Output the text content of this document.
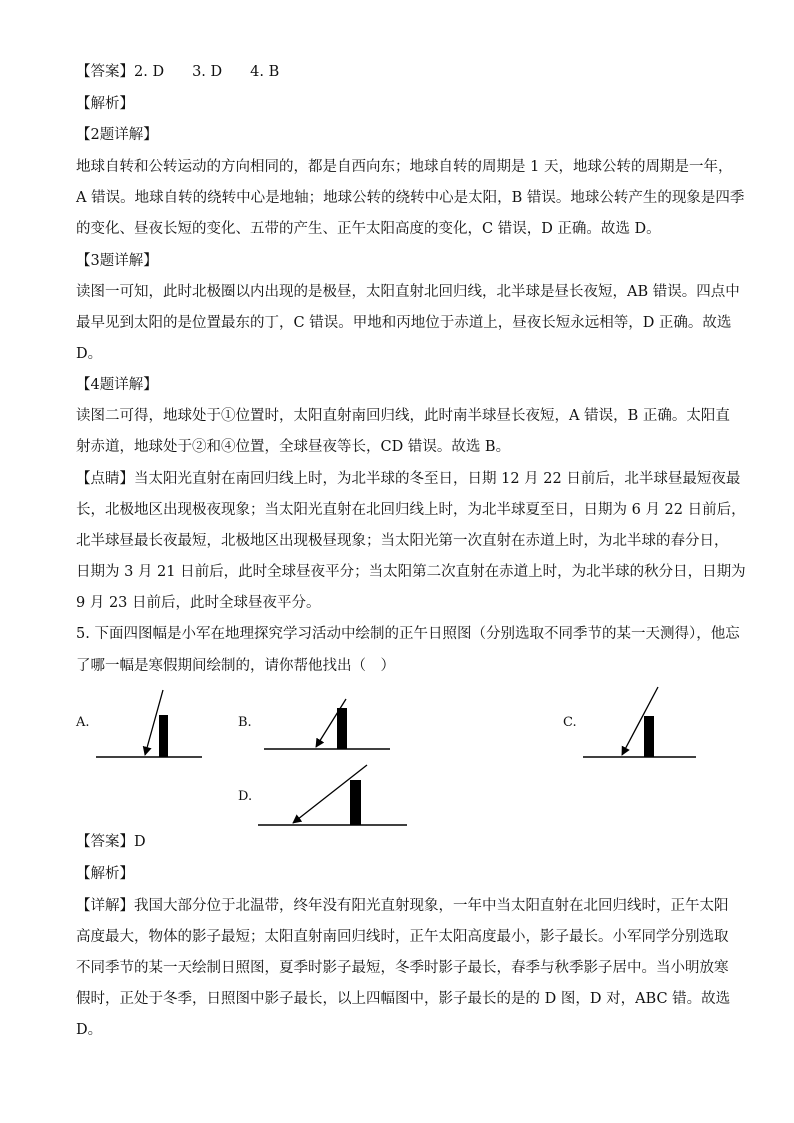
【答案】2. D 3. D 4. B
【解析】
【2题详解】
地球自转和公转运动的方向相同的，都是自西向东；地球自转的周期是 1 天，地球公转的周期是一年，
A 错误。地球自转的绕转中心是地轴；地球公转的绕转中心是太阳，B 错误。地球公转产生的现象是四季
的变化、昼夜长短的变化、五带的产生、正午太阳高度的变化，C 错误，D 正确。故选 D。
【3题详解】
读图一可知，此时北极圈以内出现的是极昼，太阳直射北回归线，北半球是昼长夜短，AB 错误。四点中
最早见到太阳的是位置最东的丁，C 错误。甲地和丙地位于赤道上，昼夜长短永远相等，D 正确。故选
D。
【4题详解】
读图二可得，地球处于①位置时，太阳直射南回归线，此时南半球昼长夜短，A 错误，B 正确。太阳直
射赤道，地球处于②和④位置，全球昼夜等长，CD 错误。故选 B。
【点睛】当太阳光直射在南回归线上时，为北半球的冬至日，日期 12 月 22 日前后，北半球昼最短夜最
长，北极地区出现极夜现象；当太阳光直射在北回归线上时，为北半球夏至日，日期为 6 月 22 日前后，
北半球昼最长夜最短，北极地区出现极昼现象；当太阳光第一次直射在赤道上时，为北半球的春分日，
日期为 3 月 21 日前后，此时全球昼夜平分；当太阳第二次直射在赤道上时，为北半球的秋分日，日期为
9 月 23 日前后，此时全球昼夜平分。
5. 下面四图幅是小军在地理探究学习活动中绘制的正午日照图（分别选取不同季节的某一天测得），他忘
了哪一幅是寒假期间绘制的，请你帮他找出（　）
A.	B.	C.
D.
【答案】D
【解析】
【详解】我国大部分位于北温带，终年没有阳光直射现象，一年中当太阳直射在北回归线时，正午太阳
高度最大，物体的影子最短；太阳直射南回归线时，正午太阳高度最小，影子最长。小军同学分别选取
不同季节的某一天绘制日照图，夏季时影子最短，冬季时影子最长，春季与秋季影子居中。当小明放寒
假时，正处于冬季，日照图中影子最长，以上四幅图中，影子最长的是的 D 图，D 对，ABC 错。故选
D。
